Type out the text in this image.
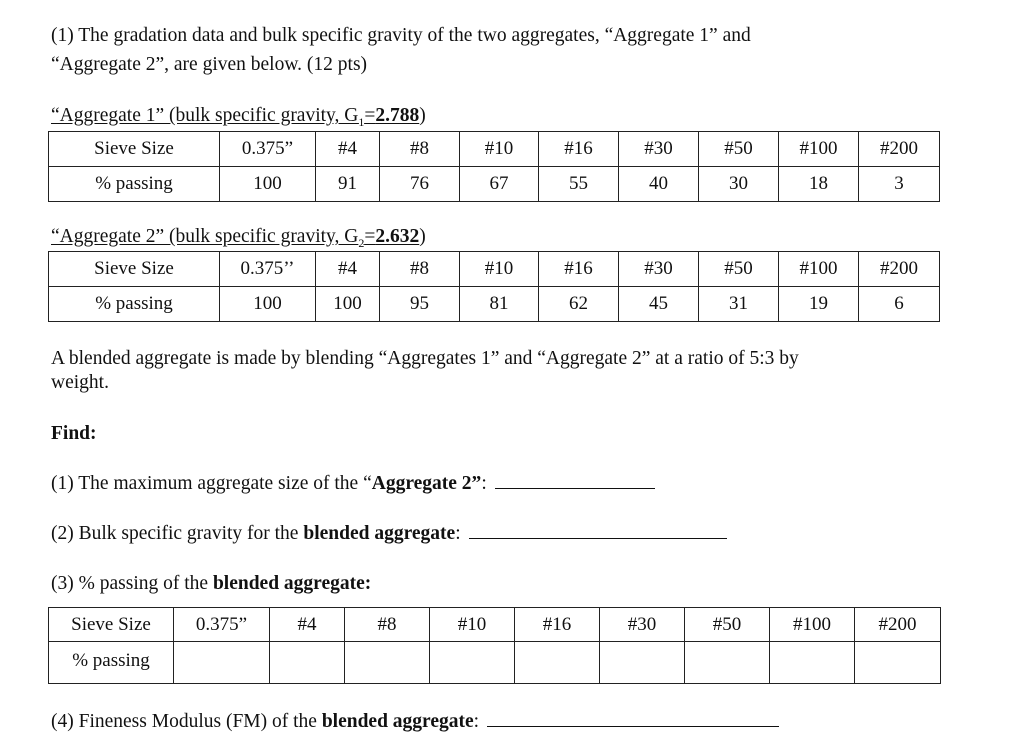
(1) The gradation data and bulk specific gravity of the two aggregates, “Aggregate 1” and
“Aggregate 2”, are given below. (12 pts)
“Aggregate 1” (bulk specific gravity, $G_1=2.788$)
Sieve Size	0.375”	#4	#8	#10	#16	#30	#50	#100	#200
% passing	100	91	76	67	55	40	30	18	3
“Aggregate 2” (bulk specific gravity, $G_2=2.632$)
Sieve Size	0.375’’	#4	#8	#10	#16	#30	#50	#100	#200
% passing	100	100	95	81	62	45	31	19	6
A blended aggregate is made by blending “Aggregates 1” and “Aggregate 2” at a ratio of 5:3 by
weight.
Find:
(1) The maximum aggregate size of the “Aggregate 2”:
(2) Bulk specific gravity for the blended aggregate:
(3) % passing of the blended aggregate:
Sieve Size	0.375”	#4	#8	#10	#16	#30	#50	#100	#200
% passing									
(4) Fineness Modulus (FM) of the blended aggregate:
